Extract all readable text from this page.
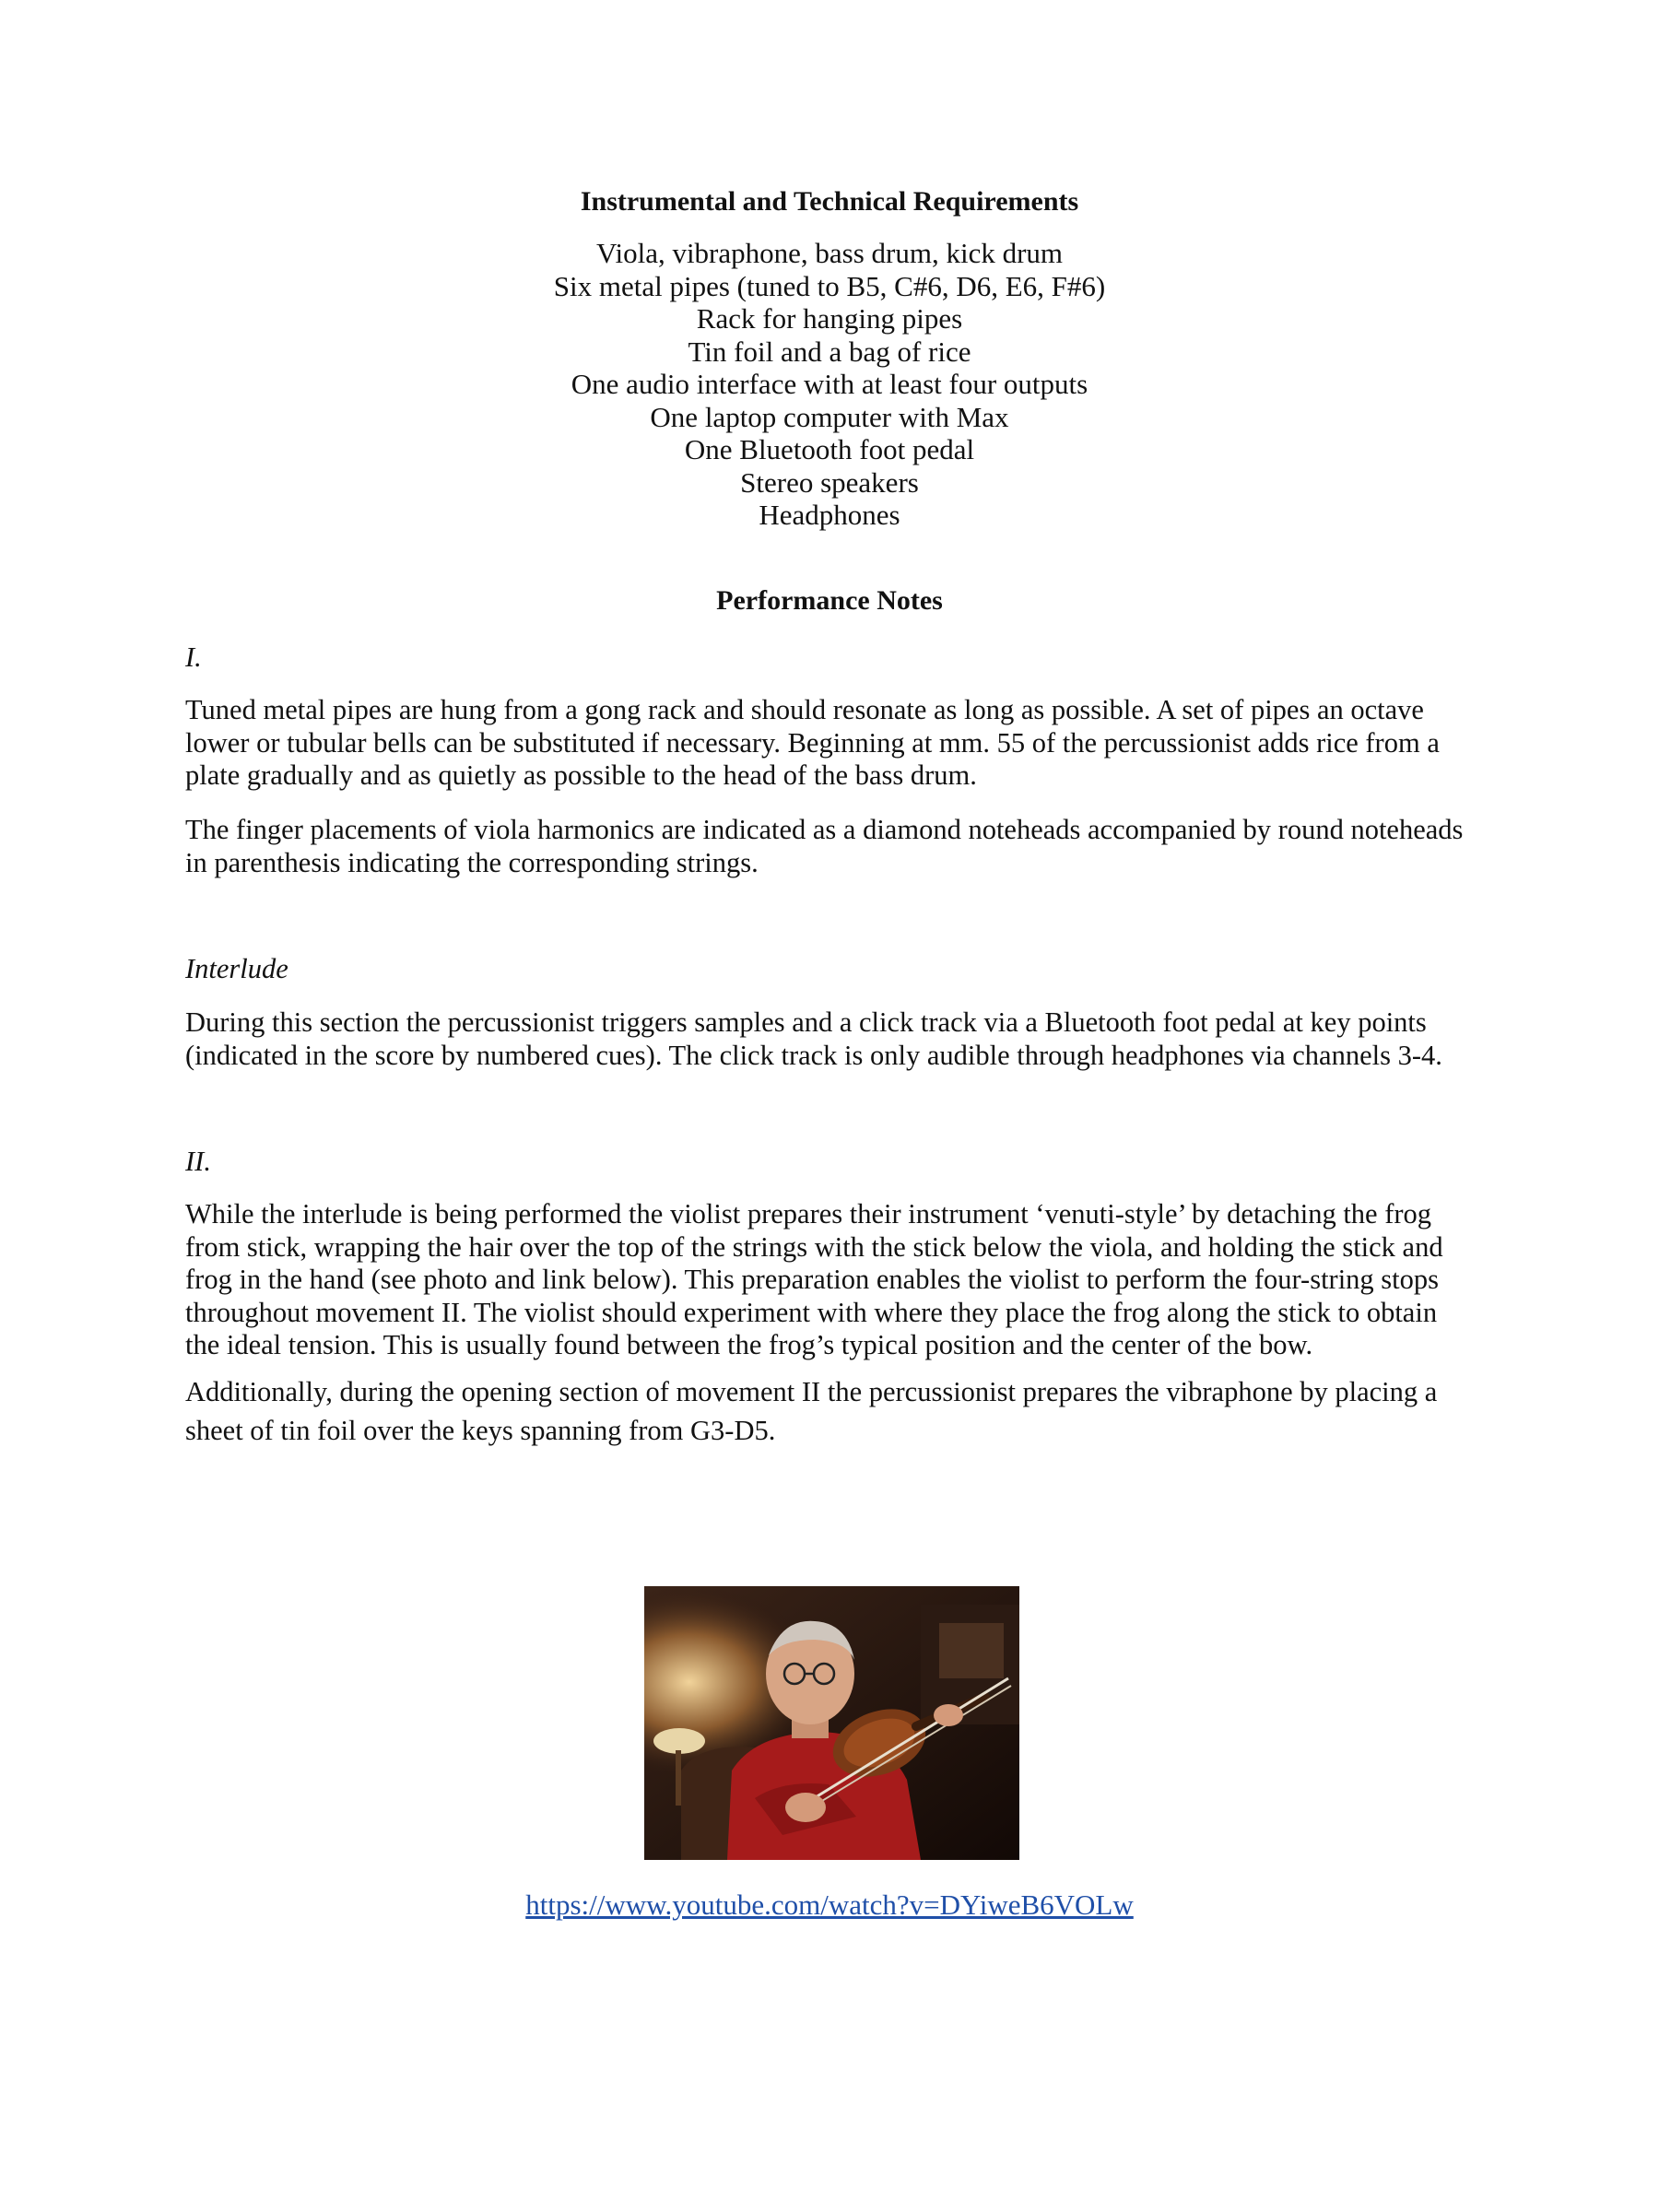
Instrumental and Technical Requirements
Viola, vibraphone, bass drum, kick drum
Six metal pipes (tuned to B5, C#6, D6, E6, F#6)
Rack for hanging pipes
Tin foil and a bag of rice
One audio interface with at least four outputs
One laptop computer with Max
One Bluetooth foot pedal
Stereo speakers
Headphones
Performance Notes
I.
Tuned metal pipes are hung from a gong rack and should resonate as long as possible. A set of pipes an octave
lower or tubular bells can be substituted if necessary. Beginning at mm. 55 of the percussionist adds rice from a
plate gradually and as quietly as possible to the head of the bass drum.
The finger placements of viola harmonics are indicated as a diamond noteheads accompanied by round noteheads
in parenthesis indicating the corresponding strings.
Interlude
During this section the percussionist triggers samples and a click track via a Bluetooth foot pedal at key points
(indicated in the score by numbered cues). The click track is only audible through headphones via channels 3-4.
II.
While the interlude is being performed the violist prepares their instrument ‘venuti-style’ by detaching the frog
from stick, wrapping the hair over the top of the strings with the stick below the viola, and holding the stick and
frog in the hand (see photo and link below). This preparation enables the violist to perform the four-string stops
throughout movement II. The violist should experiment with where they place the frog along the stick to obtain
the ideal tension. This is usually found between the frog’s typical position and the center of the bow.
Additionally, during the opening section of movement II the percussionist prepares the vibraphone by placing a
sheet of tin foil over the keys spanning from G3-D5.
https://www.youtube.com/watch?v=DYiweB6VOLw
